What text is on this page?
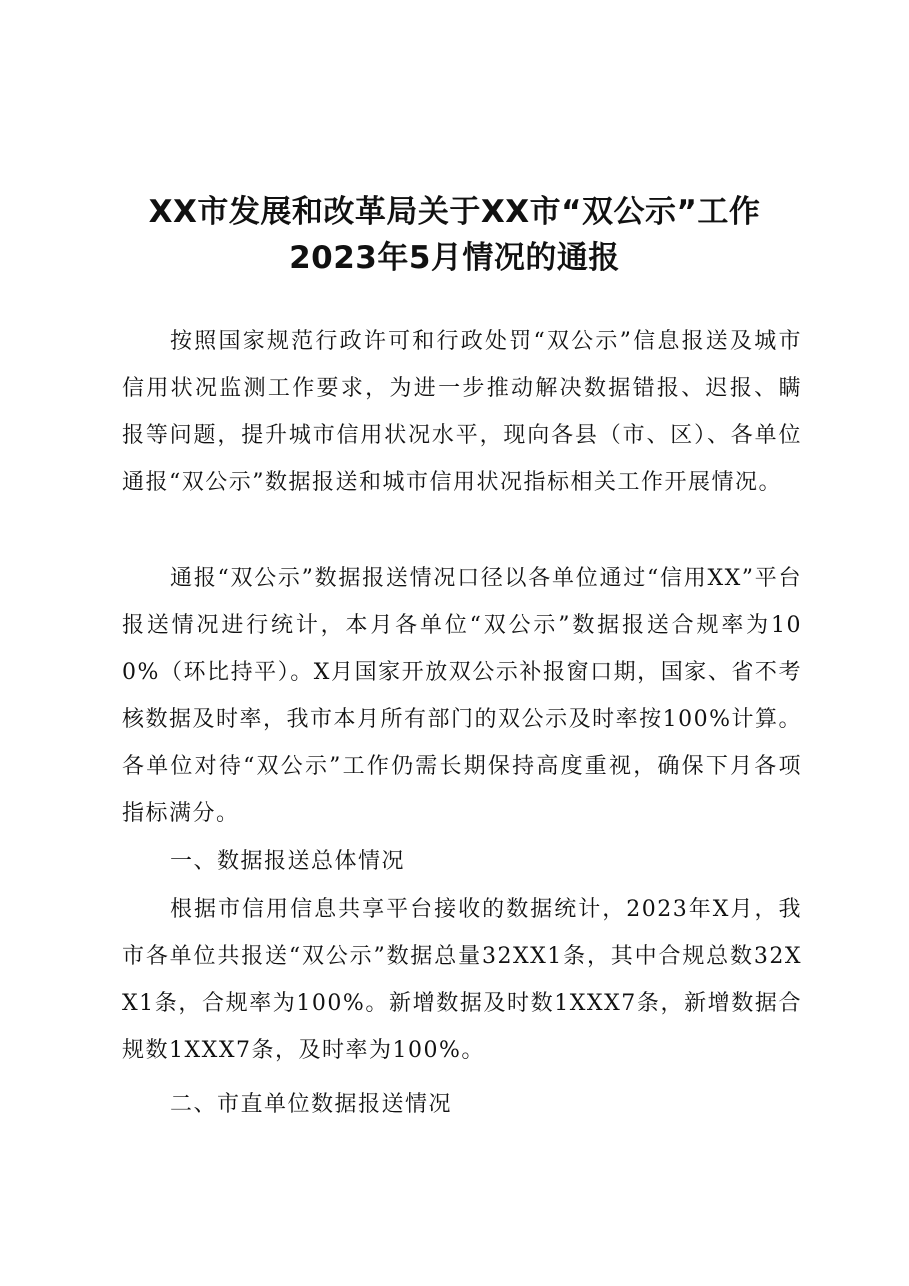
XX市发展和改革局关于XX市“双公示”工作
2023年5月情况的通报

按照国家规范行政许可和行政处罚“双公示”信息报送及城市信用状况监测工作要求，为进一步推动解决数据错报、迟报、瞒报等问题，提升城市信用状况水平，现向各县（市、区）、各单位通报“双公示”数据报送和城市信用状况指标相关工作开展情况。

通报“双公示”数据报送情况口径以各单位通过“信用XX”平台报送情况进行统计，本月各单位“双公示”数据报送合规率为100%（环比持平）。X月国家开放双公示补报窗口期，国家、省不考核数据及时率，我市本月所有部门的双公示及时率按100%计算。各单位对待“双公示”工作仍需长期保持高度重视，确保下月各项指标满分。

一、数据报送总体情况

根据市信用信息共享平台接收的数据统计，2023年X月，我市各单位共报送“双公示”数据总量32XX1条，其中合规总数32XX1条，合规率为100%。新增数据及时数1XXX7条，新增数据合规数1XXX7条，及时率为100%。

二、市直单位数据报送情况
